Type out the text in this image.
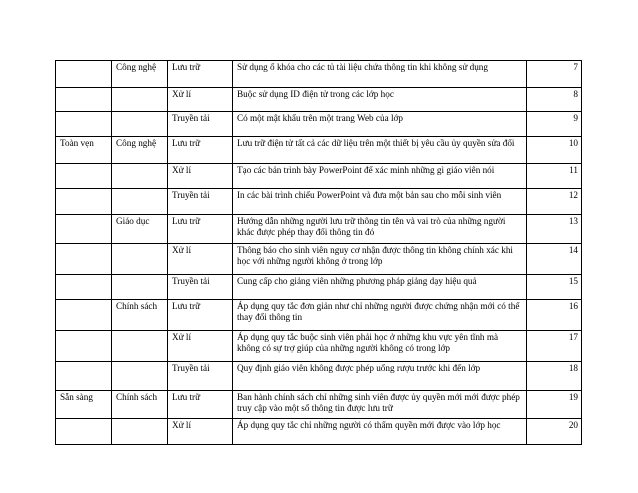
	Công nghệ	Lưu trữ	Sử dụng ổ khóa cho các tủ tài liệu chứa thông tin khi không sử dụng	7
		Xử lí	Buộc sử dụng ID điện tử trong các lớp học	8
		Truyền tải	Có một mật khẩu trên một trang Web của lớp	9
Toàn vẹn	Công nghệ	Lưu trữ	Lưu trữ điện tử tất cả các dữ liệu trên một thiết bị yêu cầu ủy quyền sửa đổi	10
		Xử lí	Tạo các bản trình bày PowerPoint để xác minh những gì giáo viên nói	11
		Truyền tải	In các bài trình chiếu PowerPoint và đưa một bản sau cho mỗi sinh viên	12
	Giáo dục	Lưu trữ	Hướng dẫn những người lưu trữ thông tin tên và vai trò của những người khác được phép thay đổi thông tin đó	13
		Xử lí	Thông báo cho sinh viên nguy cơ nhận được thông tin không chính xác khi học với những người không ở trong lớp	14
		Truyền tải	Cung cấp cho giảng viên những phương pháp giảng dạy hiệu quả	15
	Chính sách	Lưu trữ	Áp dụng quy tắc đơn giản như chỉ những người được chứng nhận mới có thể thay đổi thông tin	16
		Xử lí	Áp dụng quy tắc buộc sinh viên phải học ở những khu vực yên tĩnh mà không có sự trợ giúp của những người không có trong lớp	17
		Truyền tải	Quy định giáo viên không được phép uống rượu trước khi đến lớp	18
Sẵn sàng	Chính sách	Lưu trữ	Ban hành chính sách chỉ những sinh viên được ủy quyền mới mới được phép truy cập vào một số thông tin được lưu trữ	19
		Xử lí	Áp dụng quy tắc chỉ những người có thẩm quyền mới được vào lớp học	20
